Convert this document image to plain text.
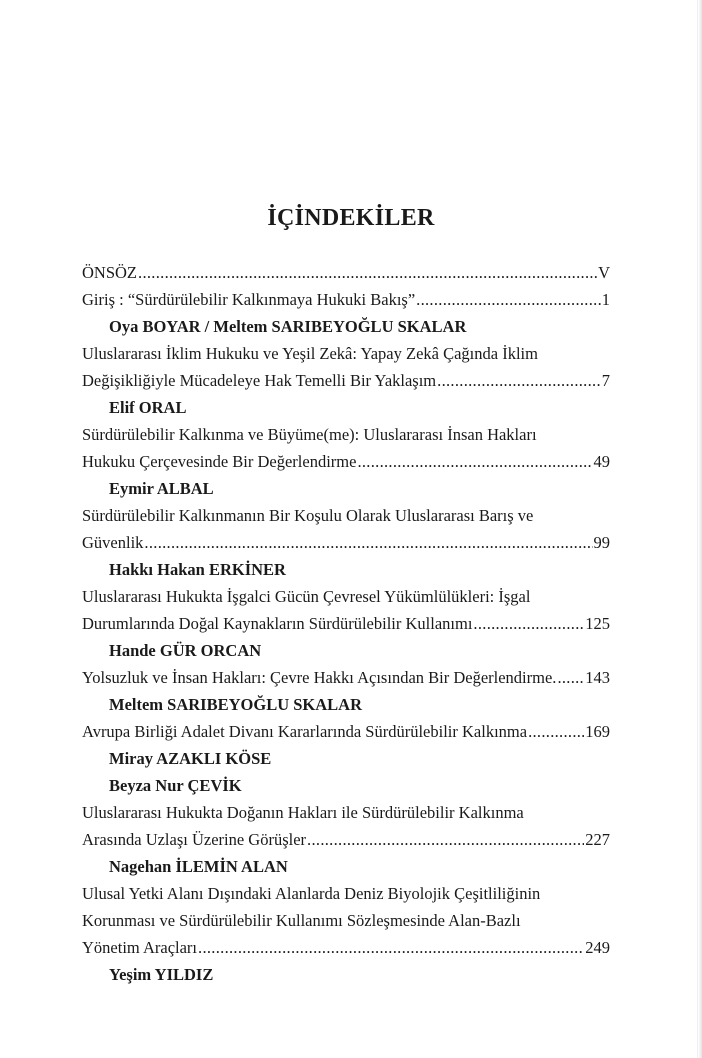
İÇİNDEKİLER
ÖNSÖZ .....	V
Giriş : “Sürdürülebilir Kalkınmaya Hukuki Bakış” .....	1
Oya BOYAR / Meltem SARIBEYOĞLU SKALAR
Uluslararası İklim Hukuku ve Yeşil Zekâ: Yapay Zekâ Çağında İklim
Değişikliğiyle Mücadeleye Hak Temelli Bir Yaklaşım .....	7
Elif ORAL
Sürdürülebilir Kalkınma ve Büyüme(me): Uluslararası İnsan Hakları
Hukuku Çerçevesinde Bir Değerlendirme .....	49
Eymir ALBAL
Sürdürülebilir Kalkınmanın Bir Koşulu Olarak Uluslararası Barış ve
Güvenlik .....	99
Hakkı Hakan ERKİNER
Uluslararası Hukukta İşgalci Gücün Çevresel Yükümlülükleri: İşgal
Durumlarında Doğal Kaynakların Sürdürülebilir Kullanımı .....	125
Hande GÜR ORCAN
Yolsuzluk ve İnsan Hakları: Çevre Hakkı Açısından Bir Değerlendirme. ..... 143
Meltem SARIBEYOĞLU SKALAR
Avrupa Birliği Adalet Divanı Kararlarında Sürdürülebilir Kalkınma .....	169
Miray AZAKLI KÖSE
Beyza Nur ÇEVİK
Uluslararası Hukukta Doğanın Hakları ile Sürdürülebilir Kalkınma
Arasında Uzlaşı Üzerine Görüşler .....	227
Nagehan İLEMİN ALAN
Ulusal Yetki Alanı Dışındaki Alanlarda Deniz Biyolojik Çeşitliliğinin
Korunması ve Sürdürülebilir Kullanımı Sözleşmesinde Alan-Bazlı
Yönetim Araçları .....	249
Yeşim YILDIZ
